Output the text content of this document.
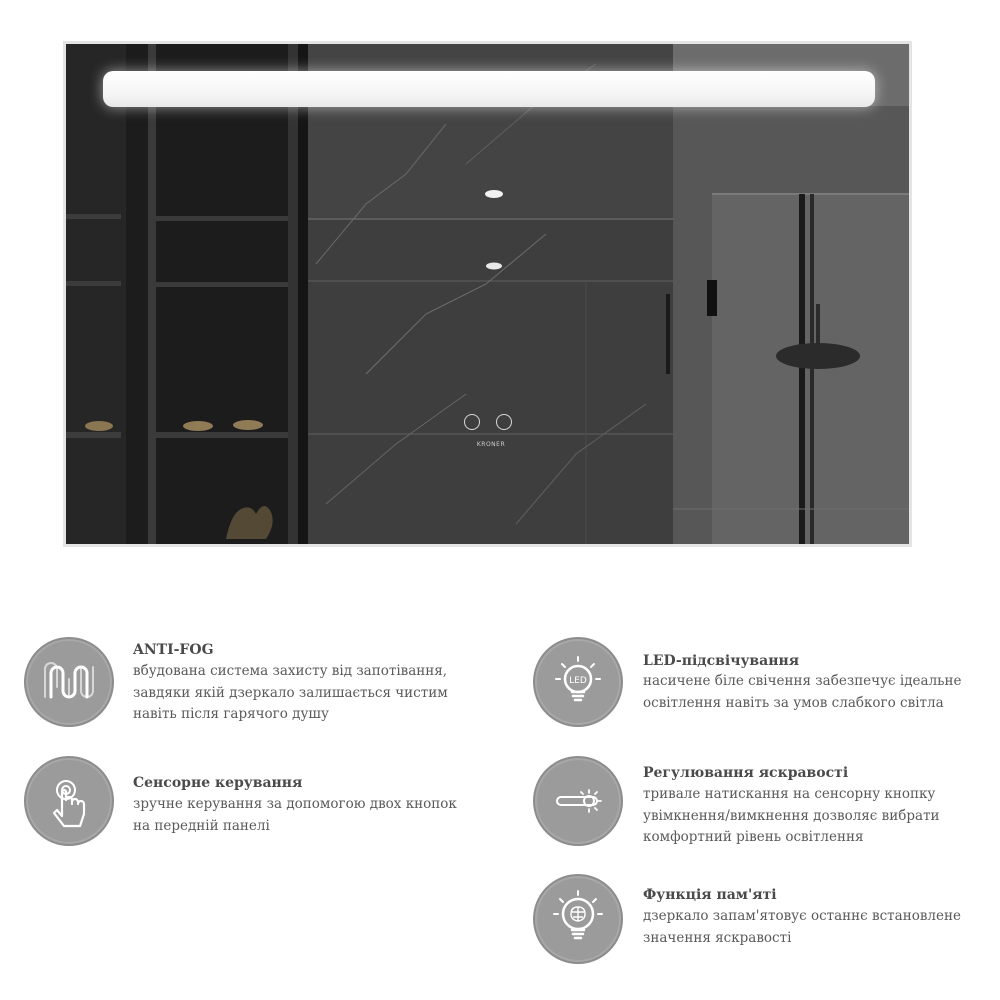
KRONER
ANTI-FOG
вбудована система захисту від запотівання,
завдяки якій дзеркало залишається чистим
навіть після гарячого душу
LED
LED-підсвічування
насичене біле свічення забезпечує ідеальне
освітлення навіть за умов слабкого світла
Сенсорне керування
зручне керування за допомогою двох кнопок
на передній панелі
Регулювання яскравості
тривале натискання на сенсорну кнопку
увімкнення/вимкнення дозволяє вибрати
комфортний рівень освітлення
Функція пам'яті
дзеркало запам'ятовує останнє встановлене
значення яскравості
